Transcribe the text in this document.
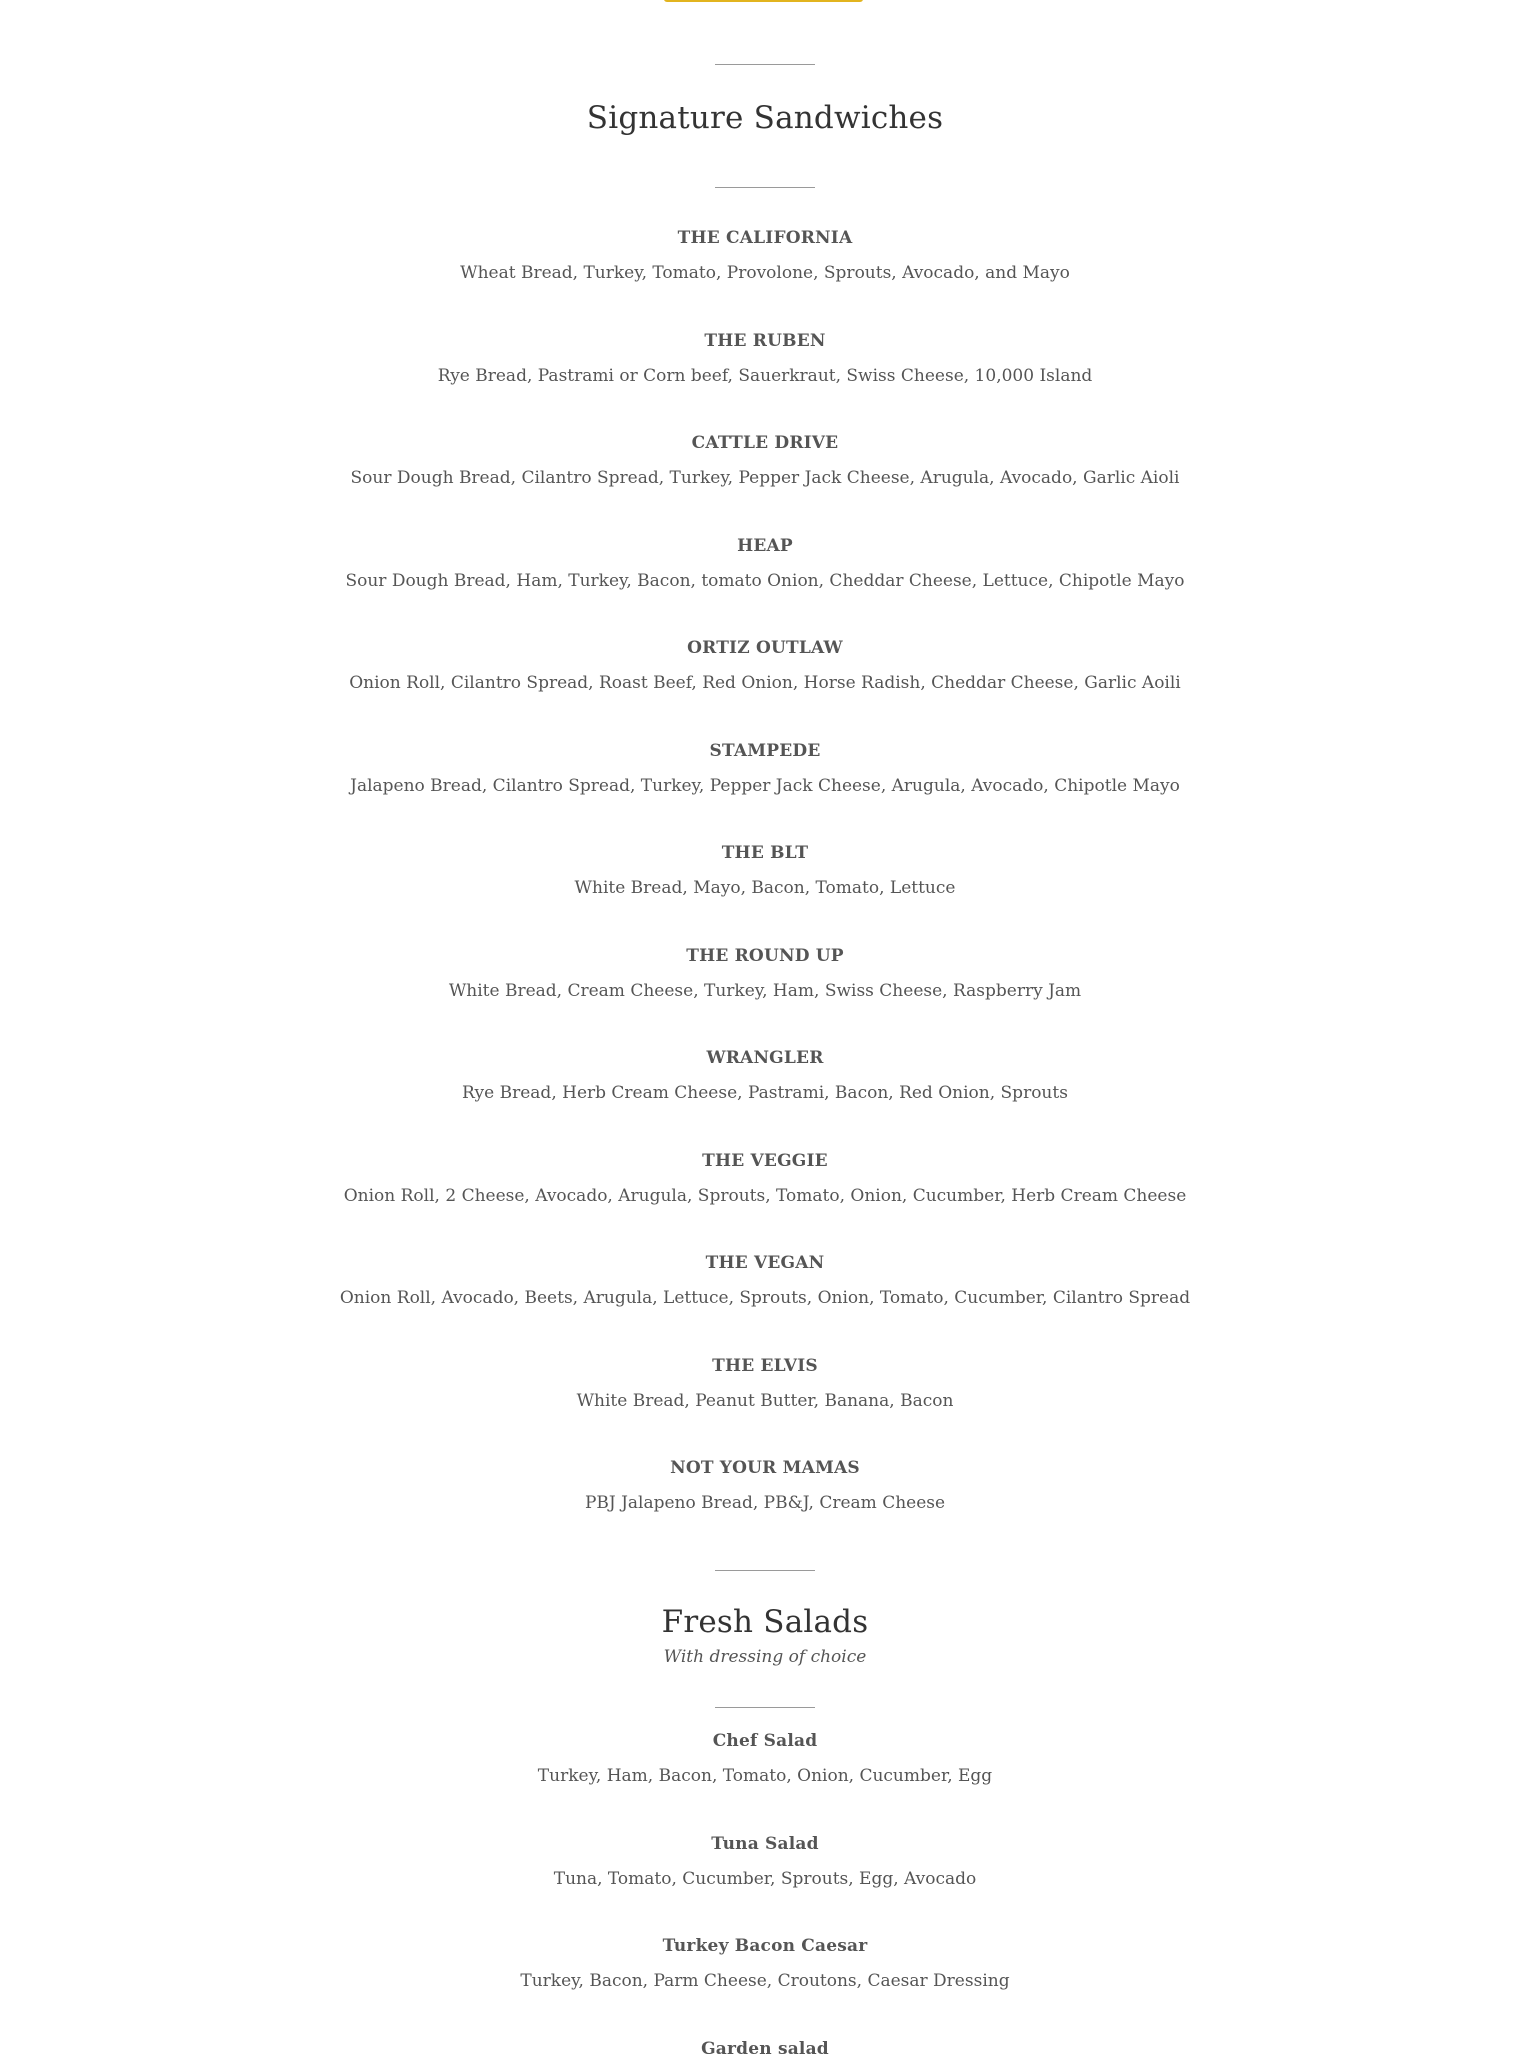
Signature Sandwiches
THE CALIFORNIA
Wheat Bread, Turkey, Tomato, Provolone, Sprouts, Avocado, and Mayo
THE RUBEN
Rye Bread, Pastrami or Corn beef, Sauerkraut, Swiss Cheese, 10,000 Island
CATTLE DRIVE
Sour Dough Bread, Cilantro Spread, Turkey, Pepper Jack Cheese, Arugula, Avocado, Garlic Aioli
HEAP
Sour Dough Bread, Ham, Turkey, Bacon, tomato Onion, Cheddar Cheese, Lettuce, Chipotle Mayo
ORTIZ OUTLAW
Onion Roll, Cilantro Spread, Roast Beef, Red Onion, Horse Radish, Cheddar Cheese, Garlic Aoili
STAMPEDE
Jalapeno Bread, Cilantro Spread, Turkey, Pepper Jack Cheese, Arugula, Avocado, Chipotle Mayo
THE BLT
White Bread, Mayo, Bacon, Tomato, Lettuce
THE ROUND UP
White Bread, Cream Cheese, Turkey, Ham, Swiss Cheese, Raspberry Jam
WRANGLER
Rye Bread, Herb Cream Cheese, Pastrami, Bacon, Red Onion, Sprouts
THE VEGGIE
Onion Roll, 2 Cheese, Avocado, Arugula, Sprouts, Tomato, Onion, Cucumber, Herb Cream Cheese
THE VEGAN
Onion Roll, Avocado, Beets, Arugula, Lettuce, Sprouts, Onion, Tomato, Cucumber, Cilantro Spread
THE ELVIS
White Bread, Peanut Butter, Banana, Bacon
NOT YOUR MAMAS
PBJ Jalapeno Bread, PB&J, Cream Cheese
Fresh Salads
With dressing of choice
Chef Salad
Turkey, Ham, Bacon, Tomato, Onion, Cucumber, Egg
Tuna Salad
Tuna, Tomato, Cucumber, Sprouts, Egg, Avocado
Turkey Bacon Caesar
Turkey, Bacon, Parm Cheese, Croutons, Caesar Dressing
Garden salad
